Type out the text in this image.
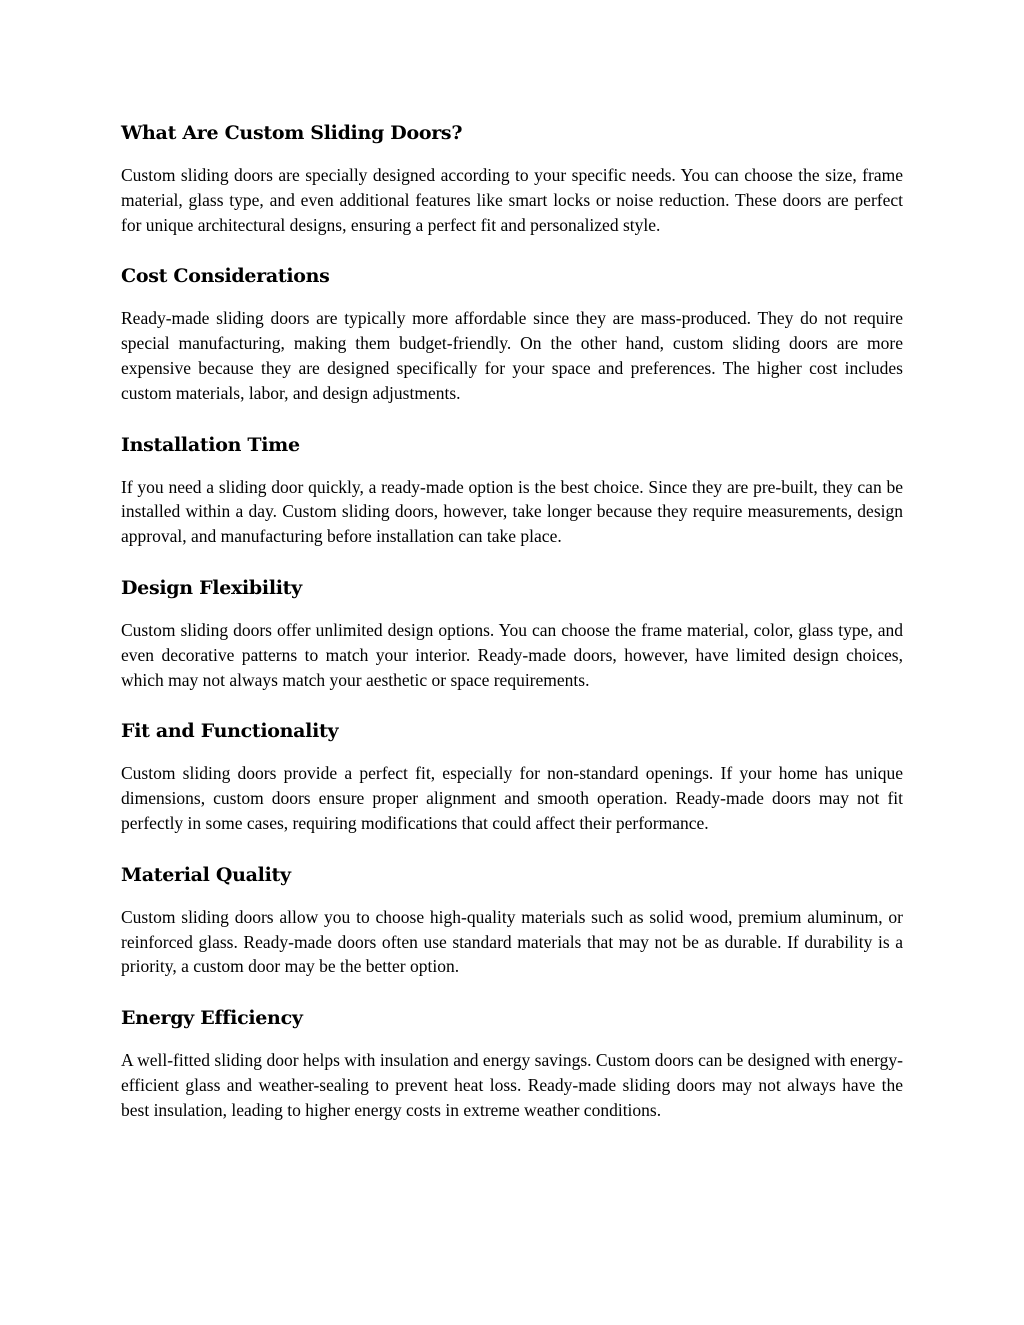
What Are Custom Sliding Doors?

Custom sliding doors are specially designed according to your specific needs. You can choose the size, frame material, glass type, and even additional features like smart locks or noise reduction. These doors are perfect for unique architectural designs, ensuring a perfect fit and personalized style.

Cost Considerations

Ready-made sliding doors are typically more affordable since they are mass-produced. They do not require special manufacturing, making them budget-friendly. On the other hand, custom sliding doors are more expensive because they are designed specifically for your space and preferences. The higher cost includes custom materials, labor, and design adjustments.

Installation Time

If you need a sliding door quickly, a ready-made option is the best choice. Since they are pre-built, they can be installed within a day. Custom sliding doors, however, take longer because they require measurements, design approval, and manufacturing before installation can take place.

Design Flexibility

Custom sliding doors offer unlimited design options. You can choose the frame material, color, glass type, and even decorative patterns to match your interior. Ready-made doors, however, have limited design choices, which may not always match your aesthetic or space requirements.

Fit and Functionality

Custom sliding doors provide a perfect fit, especially for non-standard openings. If your home has unique dimensions, custom doors ensure proper alignment and smooth operation. Ready-made doors may not fit perfectly in some cases, requiring modifications that could affect their performance.

Material Quality

Custom sliding doors allow you to choose high-quality materials such as solid wood, premium aluminum, or reinforced glass. Ready-made doors often use standard materials that may not be as durable. If durability is a priority, a custom door may be the better option.

Energy Efficiency

A well-fitted sliding door helps with insulation and energy savings. Custom doors can be designed with energy-efficient glass and weather-sealing to prevent heat loss. Ready-made sliding doors may not always have the best insulation, leading to higher energy costs in extreme weather conditions.
